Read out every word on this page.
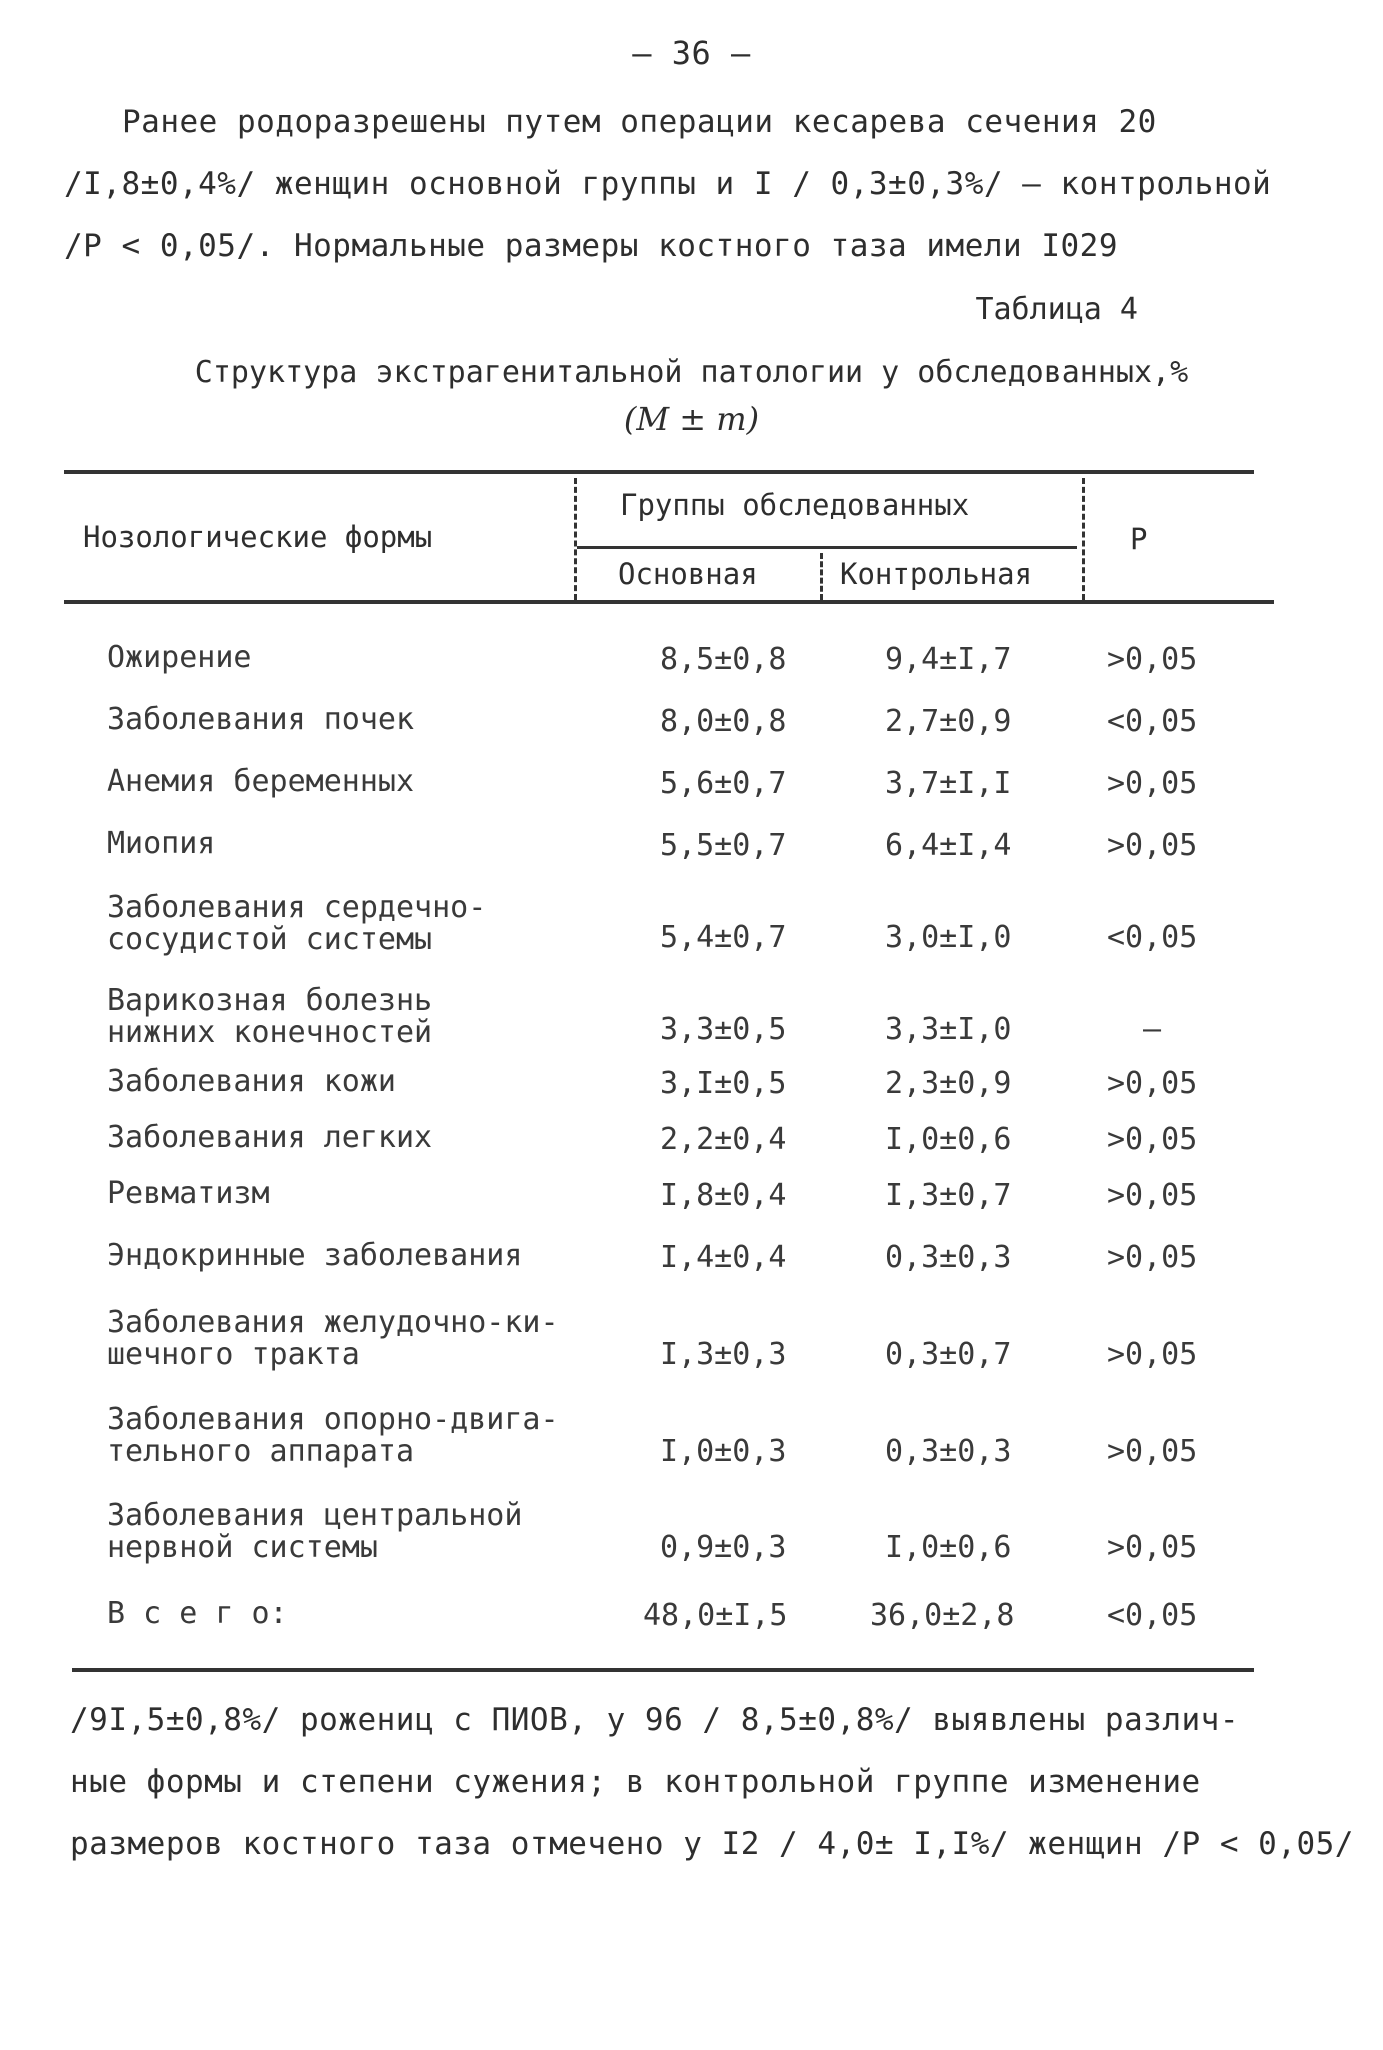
– 36 –
Ранее родоразрешены путем операции кесарева сечения 20
/I,8±0,4%/ женщин основной группы и I / 0,3±0,3%/ – контрольной
/P < 0,05/. Нормальные размеры костного таза имели I029
Таблица 4
Структура экстрагенитальной патологии у обследованных,%
(M ± m)
Нозологические формы
Группы обследованных
Основная	Контрольная
P
Ожирение	8,5±0,8	9,4±I,7	>0,05
Заболевания почек	8,0±0,8	2,7±0,9	<0,05
Анемия беременных	5,6±0,7	3,7±I,I	>0,05
Миопия	5,5±0,7	6,4±I,4	>0,05
Заболевания сердечно-
сосудистой системы	5,4±0,7	3,0±I,0	<0,05
Варикозная болезнь
нижних конечностей	3,3±0,5	3,3±I,0	–
Заболевания кожи	3,I±0,5	2,3±0,9	>0,05
Заболевания легких	2,2±0,4	I,0±0,6	>0,05
Ревматизм	I,8±0,4	I,3±0,7	>0,05
Эндокринные заболевания	I,4±0,4	0,3±0,3	>0,05
Заболевания желудочно-ки-
шечного тракта	I,3±0,3	0,3±0,7	>0,05
Заболевания опорно-двига-
тельного аппарата	I,0±0,3	0,3±0,3	>0,05
Заболевания центральной
нервной системы	0,9±0,3	I,0±0,6	>0,05
В с е г о:	48,0±I,5	36,0±2,8	<0,05
/9I,5±0,8%/ рожениц с ПИОВ, у 96 / 8,5±0,8%/ выявлены различ-
ные формы и степени сужения; в контрольной группе изменение
размеров костного таза отмечено у I2 / 4,0± I,I%/ женщин /P < 0,05/
